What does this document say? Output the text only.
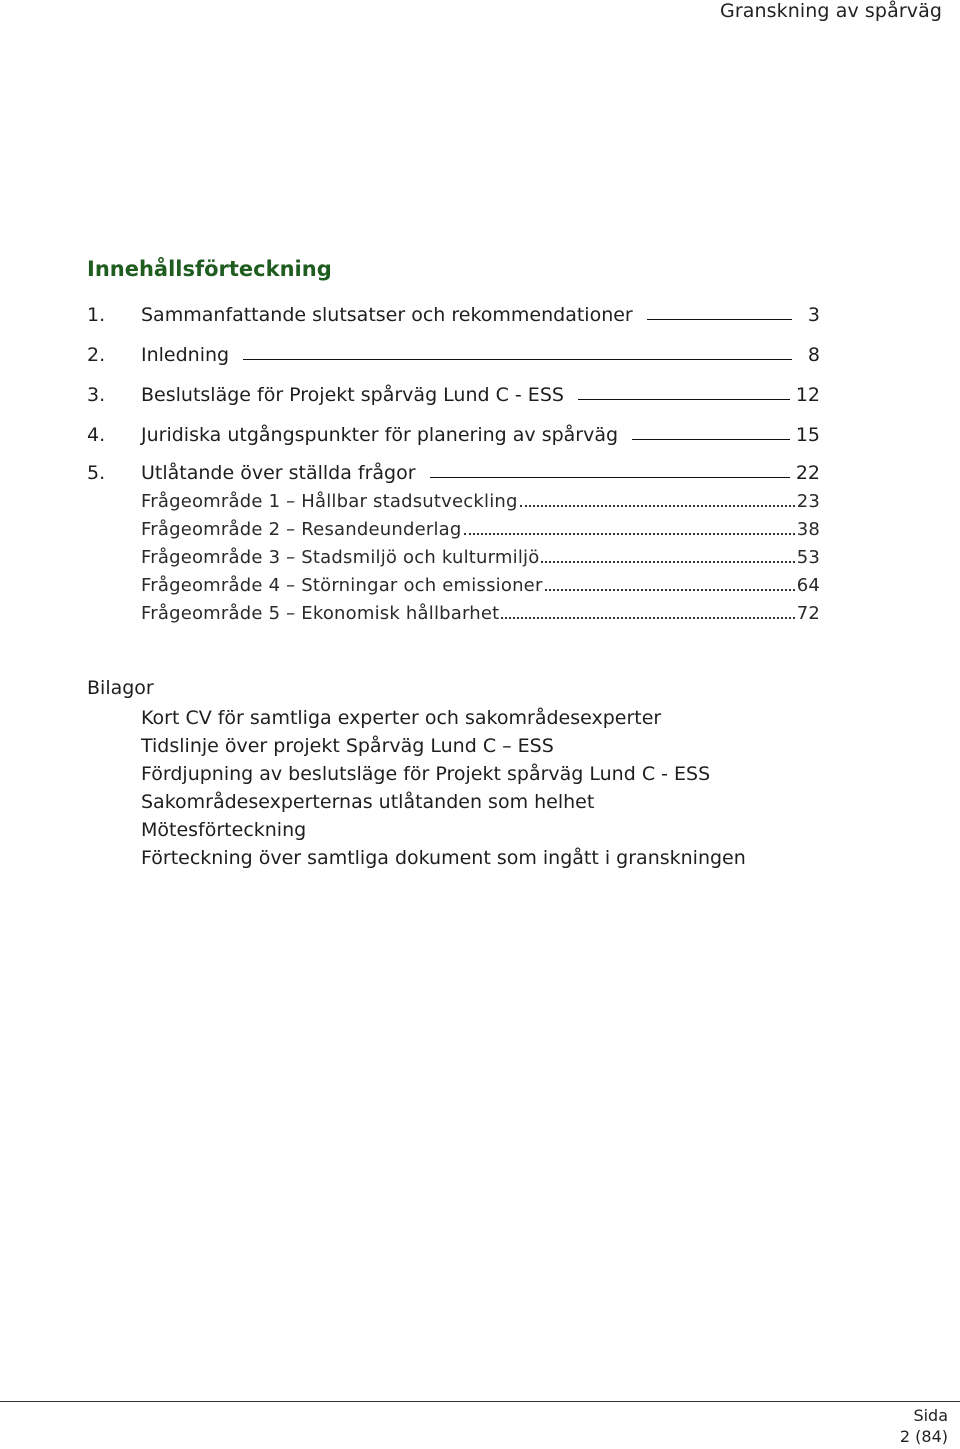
Granskning av spårväg
Innehållsförteckning
1.	Sammanfattande slutsatser och rekommendationer	3
2.	Inledning	8
3.	Beslutsläge för Projekt spårväg Lund C - ESS	12
4.	Juridiska utgångspunkter för planering av spårväg	15
5.	Utlåtande över ställda frågor	22
Frågeområde 1 – Hållbar stadsutveckling	23
Frågeområde 2 – Resandeunderlag	38
Frågeområde 3 – Stadsmiljö och kulturmiljö	53
Frågeområde 4 – Störningar och emissioner	64
Frågeområde 5 – Ekonomisk hållbarhet	72
Bilagor
Kort CV för samtliga experter och sakområdesexperter
Tidslinje över projekt Spårväg Lund C – ESS
Fördjupning av beslutsläge för Projekt spårväg Lund C - ESS
Sakområdesexperternas utlåtanden som helhet
Mötesförteckning
Förteckning över samtliga dokument som ingått i granskningen
Sida
2 (84)
